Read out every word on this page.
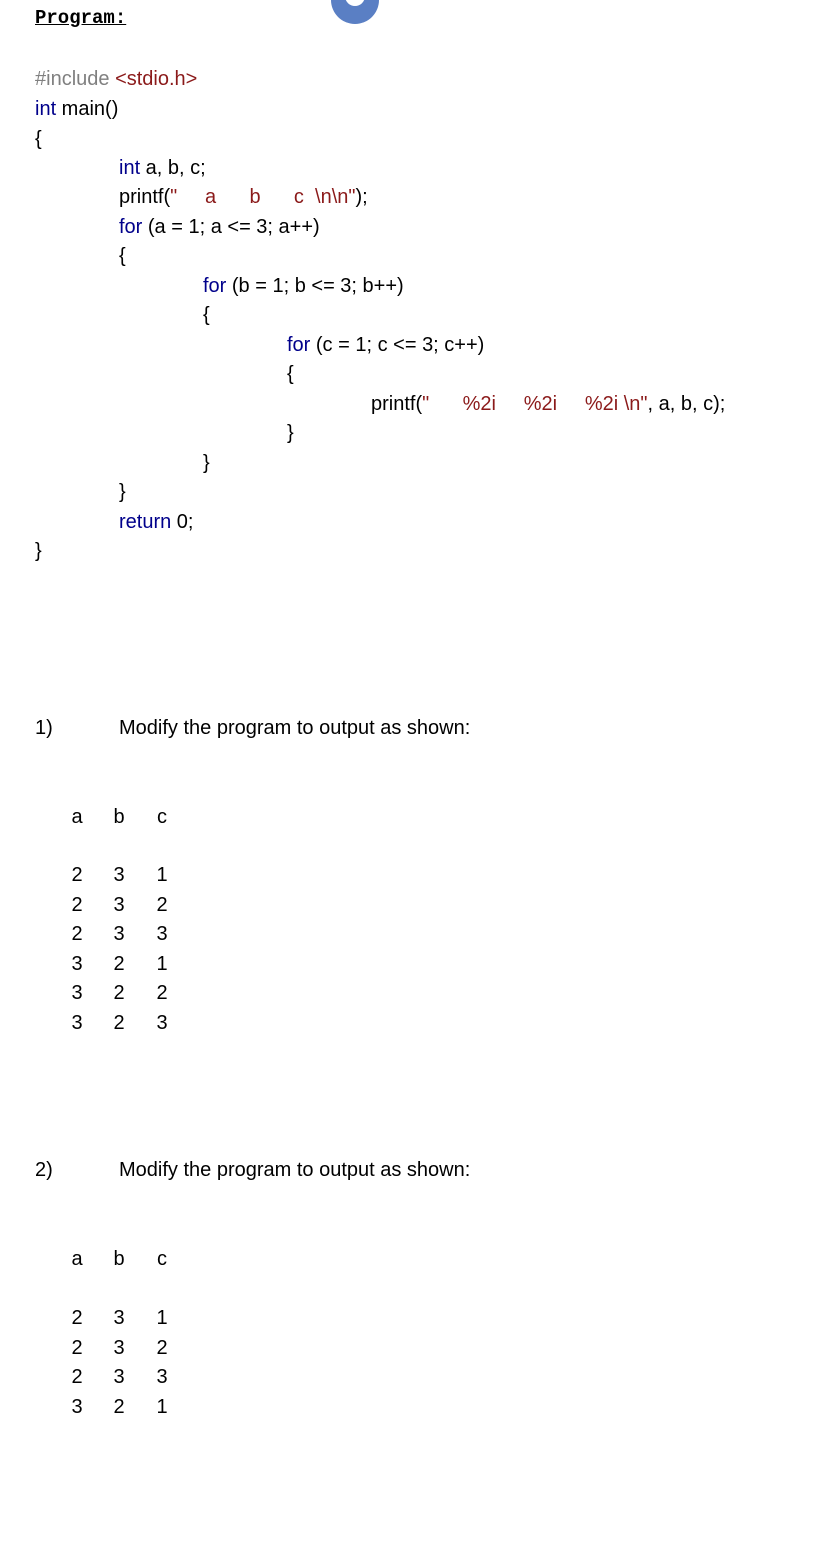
Program:
#include <stdio.h>
int main()
{
int a, b, c;
printf("     a      b      c  \n\n");
for (a = 1; a <= 3; a++)
{
for (b = 1; b <= 3; b++)
{
for (c = 1; c <= 3; c++)
{
printf("      %2i     %2i     %2i \n", a, b, c);
}
}
}
return 0;
}
1)	Modify the program to output as shown:
a	b	c
2	3	1
2	3	2
2	3	3
3	2	1
3	2	2
3	2	3
2)	Modify the program to output as shown:
a	b	c
2	3	1
2	3	2
2	3	3
3	2	1
